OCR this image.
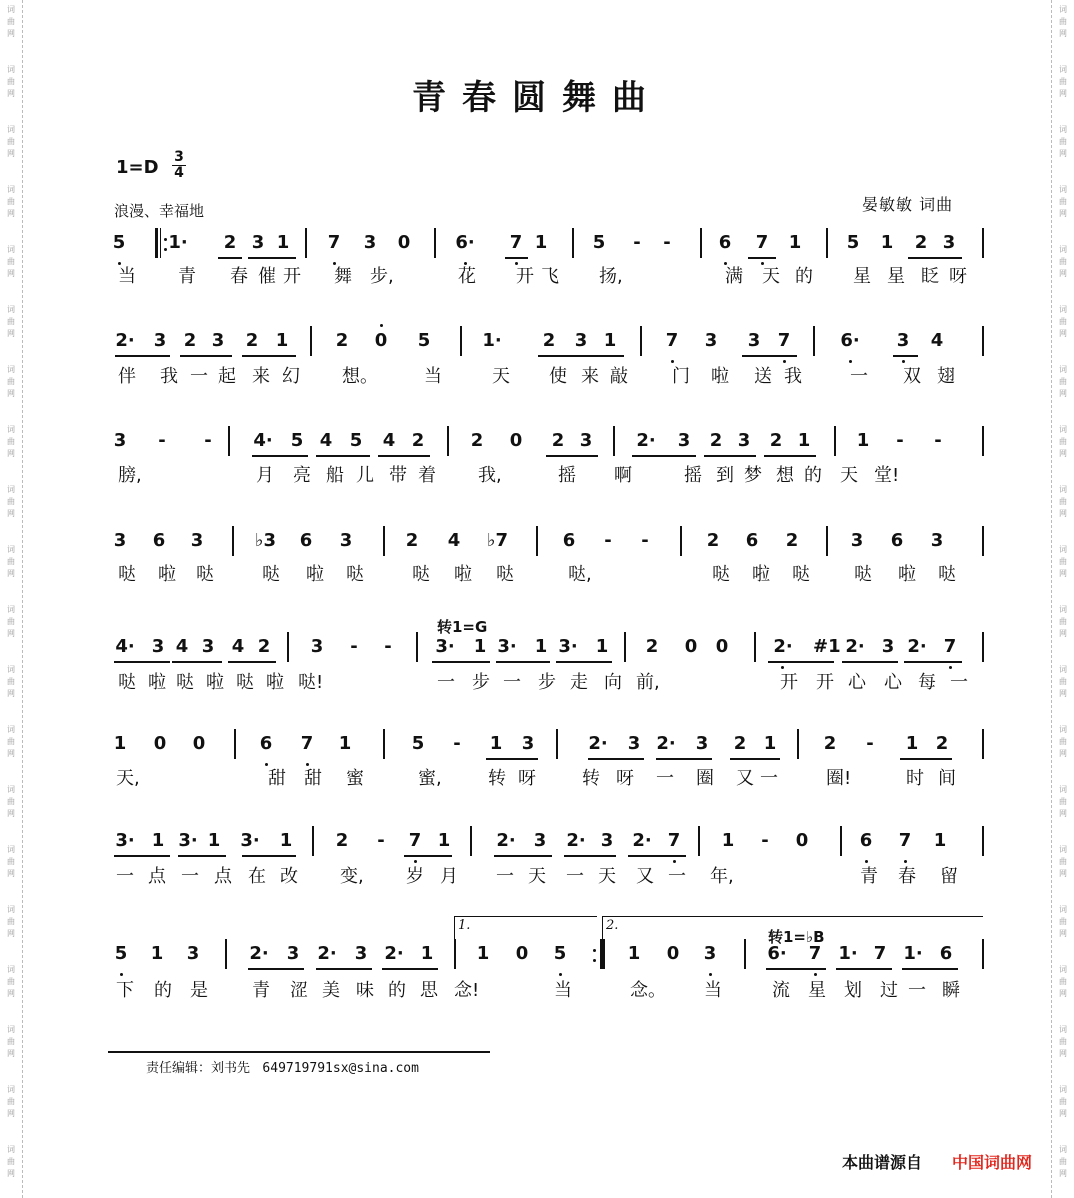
词
曲
网
词
曲
网
词
曲
网
词
曲
网
词
曲
网
词
曲
网
词
曲
网
词
曲
网
词
曲
网
词
曲
网
词
曲
网
词
曲
网
词
曲
网
词
曲
网
词
曲
网
词
曲
网
词
曲
网
词
曲
网
词
曲
网
词
曲
网
词
曲
网
词
曲
网
词
曲
网
词
曲
网
词
曲
网
词
曲
网
词
曲
网
词
曲
网
词
曲
网
词
曲
网
词
曲
网
词
曲
网
词
曲
网
词
曲
网
词
曲
网
词
曲
网
词
曲
网
词
曲
网
词
曲
网
词
曲
网
青春圆舞曲
1=D 3
4
浪漫、幸福地	晏敏敏 词曲
5 1· 2 3 1 7 3 0	6· 7 1	5	-	-	6 7 1	5 1 2 3
当 青 春 催 开 舞 步,	花 开 飞 扬,	满 天 的 星 星 眨 呀
2· 3 2 3 2 1	2 0 5	1· 2 3 1	7 3 3 7	6· 3 4
伴 我 一 起 来 幻 想。	当	天 使 来 敲 门 啦 送 我	一 双 翅
3	-	-	4· 5 4 5 4 2	2 0 2 3 2· 3 2 3 2 1	1	-	-
膀,	月 亮 船 儿 带 着 我,	摇 啊	摇 到 梦 想 的 天 堂!
3 6 3	♭3 6 3	2 4 ♭7	6	-	-	2 6 2	3 6 3
哒 啦 哒	哒 啦 哒	哒 啦 哒	哒,	哒 啦 哒 哒 啦 哒
4· 3 4 3 4 2 3	-	-	3· 1 3· 1 3· 1 2 0 0	2· #1 2· 3 2· 7
哒 啦 哒 啦 哒 啦 哒!	一 步 一 步 走 向 前,	开 开 心 心 每 一
1 0 0	6 7 1	5	-	1 3	2· 3 2· 3 2 1	2	-	1 2
天,	甜 甜 蜜	蜜,	转 呀	转 呀 一 圈 又 一	圈!	时 间
3· 1 3· 1 3· 1 2	-	7 1	2· 3 2· 3 2· 7 1	-	0	6 7 1
一 点 一 点 在 改 变, 岁 月 一 天 一 天 又 一 年,	青 春 留
5 1 3	2· 3 2· 3 2· 1 1 0 5	1 0 3	6· 7 1· 7 1· 6
下 的 是 青 涩 美 味 的 思 念!	当	念。 当	流 星 划 过 一 瞬
转1=G
转1=♭B
1.	2.
责任编辑：刘书先 649719791sx@sina.com
本曲谱源自 中国词曲网
